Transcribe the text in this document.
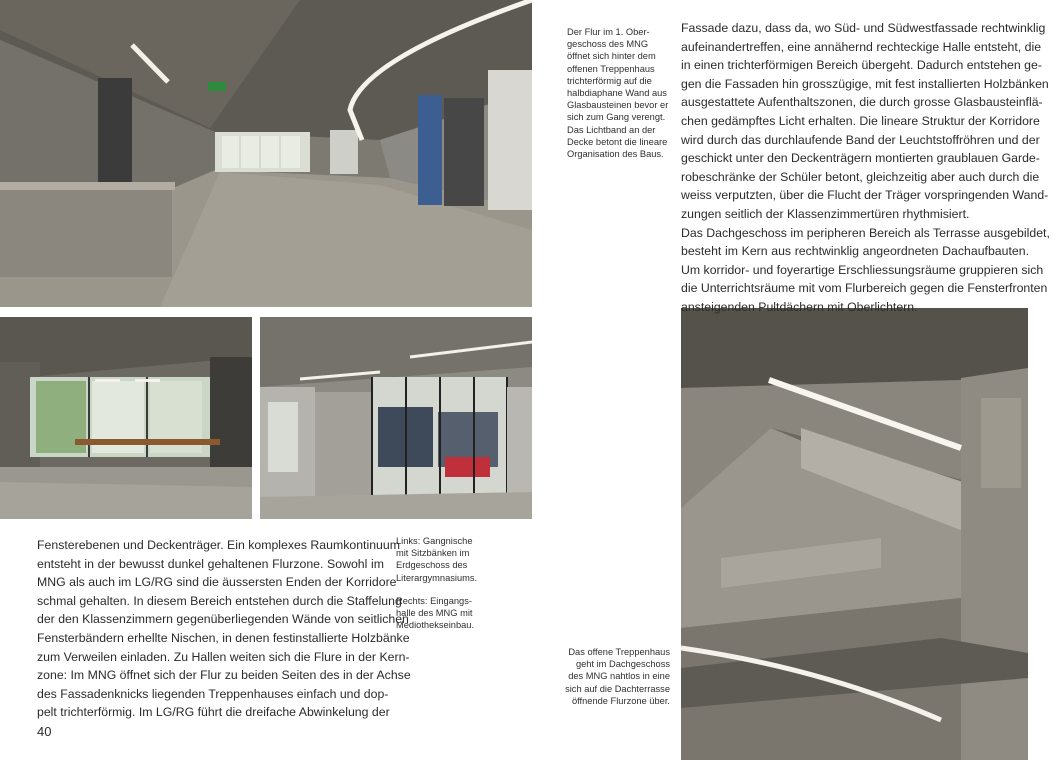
Der Flur im 1. Ober-

geschoss des MNG

öffnet sich hinter dem

offenen Treppenhaus

trichterförmig auf die

halbdiaphane Wand aus

Glasbausteinen bevor er

sich zum Gang verengt.

Das Lichtband an der

Decke betont die lineare

Organisation des Baus.

Links: Gangnische

mit Sitzbänken im

Erdgeschoss des

Literargymnasiums.

Rechts: Eingangs-

halle des MNG mit

Mediothekseinbau.

Das offene Treppenhaus

geht im Dachgeschoss

des MNG nahtlos in eine

sich auf die Dachterrasse

öffnende Flurzone über.

Fassade dazu, dass da, wo Süd- und Südwestfassade rechtwinklig
aufeinandertreffen, eine annähernd rechteckige Halle entsteht, die
in einen trichterförmigen Bereich übergeht. Dadurch entstehen ge-
gen die Fassaden hin grosszügige, mit fest installierten Holzbänken
ausgestattete Aufenthaltszonen, die durch grosse Glasbausteinflä-
chen gedämpftes Licht erhalten. Die lineare Struktur der Korridore
wird durch das durchlaufende Band der Leuchtstoffröhren und der
geschickt unter den Deckenträgern montierten graublauen Garde-
robeschränke der Schüler betont, gleichzeitig aber auch durch die
weiss verputzten, über die Flucht der Träger vorspringenden Wand-
zungen seitlich der Klassenzimmertüren rhythmisiert.
Das Dachgeschoss im peripheren Bereich als Terrasse ausgebildet,
besteht im Kern aus rechtwinklig angeordneten Dachaufbauten.
Um korridor- und foyerartige Erschliessungsräume gruppieren sich
die Unterrichtsräume mit vom Flurbereich gegen die Fensterfronten
ansteigenden Pultdächern mit Oberlichtern.
Fensterebenen und Deckenträger. Ein komplexes Raumkontinuum
entsteht in der bewusst dunkel gehaltenen Flurzone. Sowohl im
MNG als auch im LG/RG sind die äussersten Enden der Korridore
schmal gehalten. In diesem Bereich entstehen durch die Staffelung
der den Klassenzimmern gegenüberliegenden Wände von seitlichen
Fensterbändern erhellte Nischen, in denen festinstallierte Holzbänke
zum Verweilen einladen. Zu Hallen weiten sich die Flure in der Kern-
zone: Im MNG öffnet sich der Flur zu beiden Seiten des in der Achse
des Fassadenknicks liegenden Treppenhauses einfach und dop-
pelt trichterförmig. Im LG/RG führt die dreifache Abwinkelung der
40
